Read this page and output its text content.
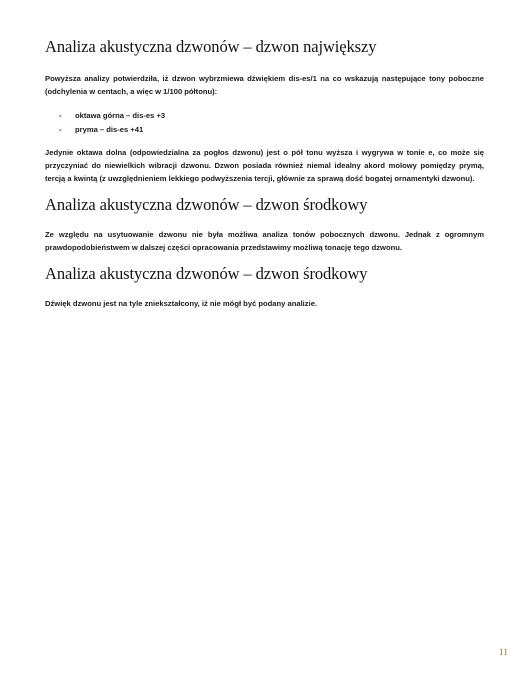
Analiza akustyczna dzwonów – dzwon największy

Powyższa analizy potwierdziła, iż dzwon wybrzmiewa dźwiękiem dis-es/1 na co wskazują następujące tony poboczne (odchylenia w centach, a więc w 1/100 półtonu):

- oktawa górna – dis-es +3
- pryma – dis-es +41

Jedynie oktawa dolna (odpowiedzialna za pogłos dzwonu) jest o pół tonu wyższa i wygrywa w tonie e, co może się przyczyniać do niewielkich wibracji dzwonu. Dzwon posiada również niemal idealny akord molowy pomiędzy prymą, tercją a kwintą (z uwzględnieniem lekkiego podwyższenia tercji, głównie za sprawą dość bogatej ornamentyki dzwonu).

Analiza akustyczna dzwonów – dzwon środkowy

Ze względu na usytuowanie dzwonu nie była możliwa analiza tonów pobocznych dzwonu. Jednak z ogromnym prawdopodobieństwem w dalszej części opracowania przedstawimy możliwą tonację tego dzwonu.

Analiza akustyczna dzwonów – dzwon środkowy

Dźwięk dzwonu jest na tyle zniekształcony, iż nie mógł być podany analizie.

11
